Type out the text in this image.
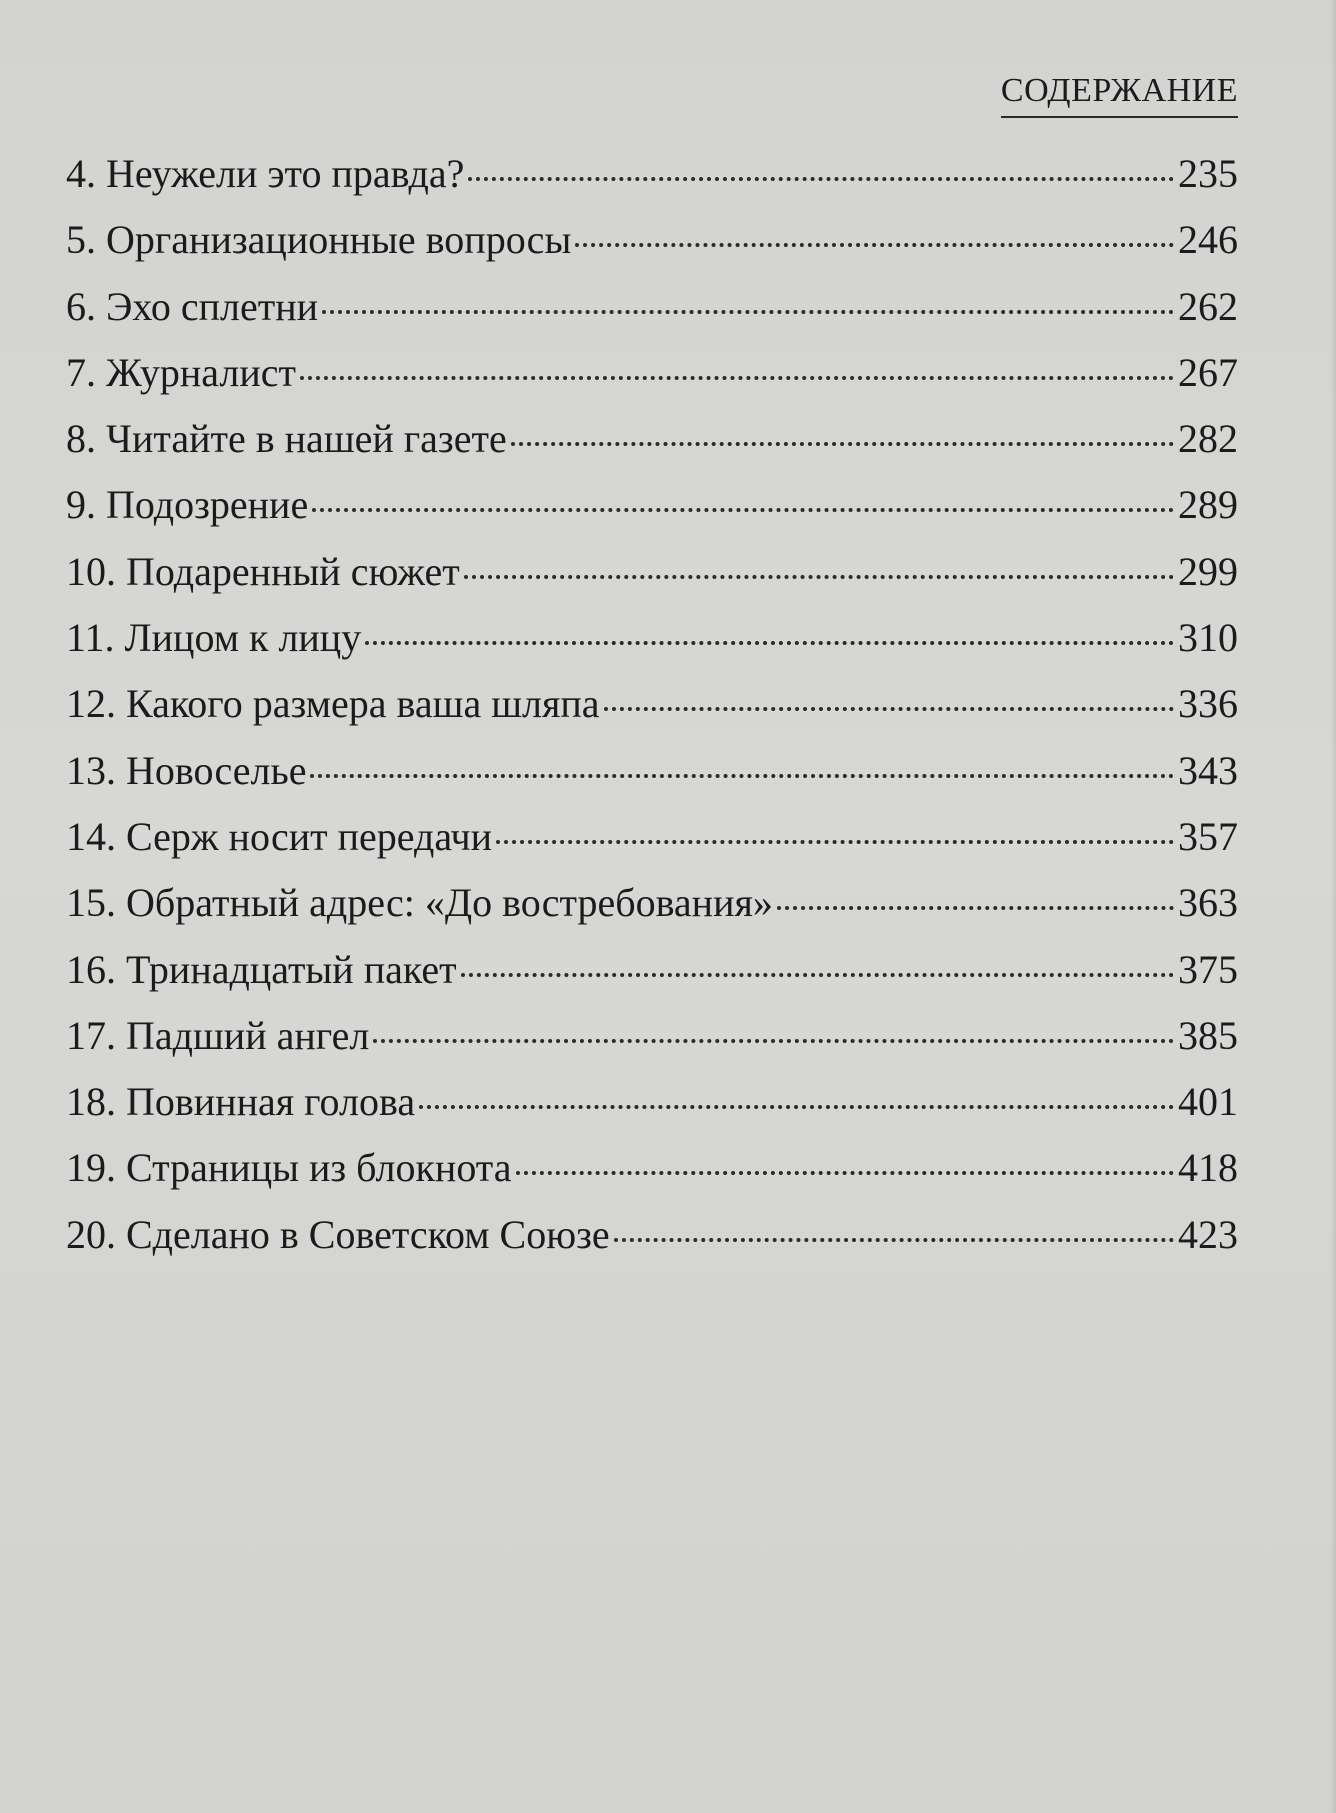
СОДЕРЖАНИЕ
4. Неужели это правда?	235
5. Организационные вопросы	246
6. Эхо сплетни	262
7. Журналист	267
8. Читайте в нашей газете	282
9. Подозрение	289
10. Подаренный сюжет	299
11. Лицом к лицу	310
12. Какого размера ваша шляпа	336
13. Новоселье	343
14. Серж носит передачи	357
15. Обратный адрес: «До востребования»	363
16. Тринадцатый пакет	375
17. Падший ангел	385
18. Повинная голова	401
19. Страницы из блокнота	418
20. Сделано в Советском Союзе	423
